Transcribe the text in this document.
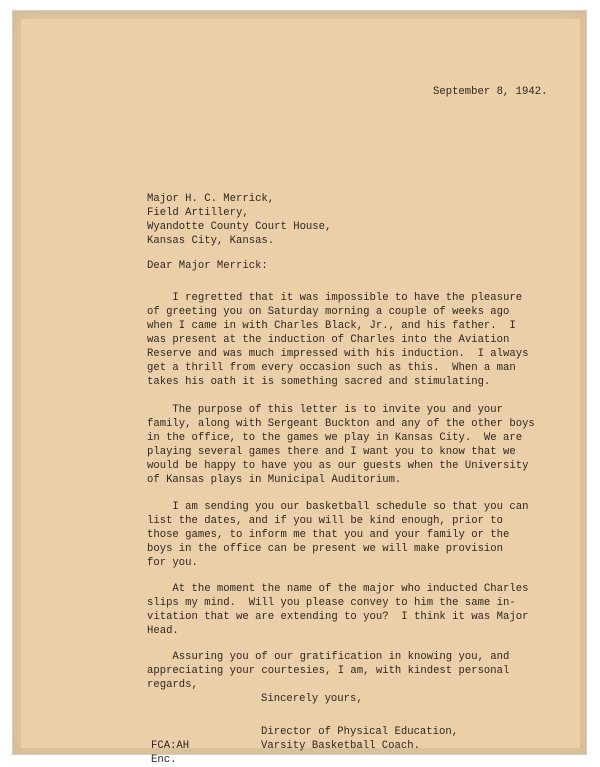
September 8, 1942.
Major H. C. Merrick,
Field Artillery,
Wyandotte County Court House,
Kansas City, Kansas.
Dear Major Merrick:
I regretted that it was impossible to have the pleasure
of greeting you on Saturday morning a couple of weeks ago
when I came in with Charles Black, Jr., and his father.  I
was present at the induction of Charles into the Aviation
Reserve and was much impressed with his induction.  I always
get a thrill from every occasion such as this.  When a man
takes his oath it is something sacred and stimulating.
The purpose of this letter is to invite you and your
family, along with Sergeant Buckton and any of the other boys
in the office, to the games we play in Kansas City.  We are
playing several games there and I want you to know that we
would be happy to have you as our guests when the University
of Kansas plays in Municipal Auditorium.
I am sending you our basketball schedule so that you can
list the dates, and if you will be kind enough, prior to
those games, to inform me that you and your family or the
boys in the office can be present we will make provision
for you.
At the moment the name of the major who inducted Charles
slips my mind.  Will you please convey to him the same in-
vitation that we are extending to you?  I think it was Major
Head.
Assuring you of our gratification in knowing you, and
appreciating your courtesies, I am, with kindest personal
regards,
Sincerely yours,
Director of Physical Education,
Varsity Basketball Coach.
FCA:AH
Enc.
